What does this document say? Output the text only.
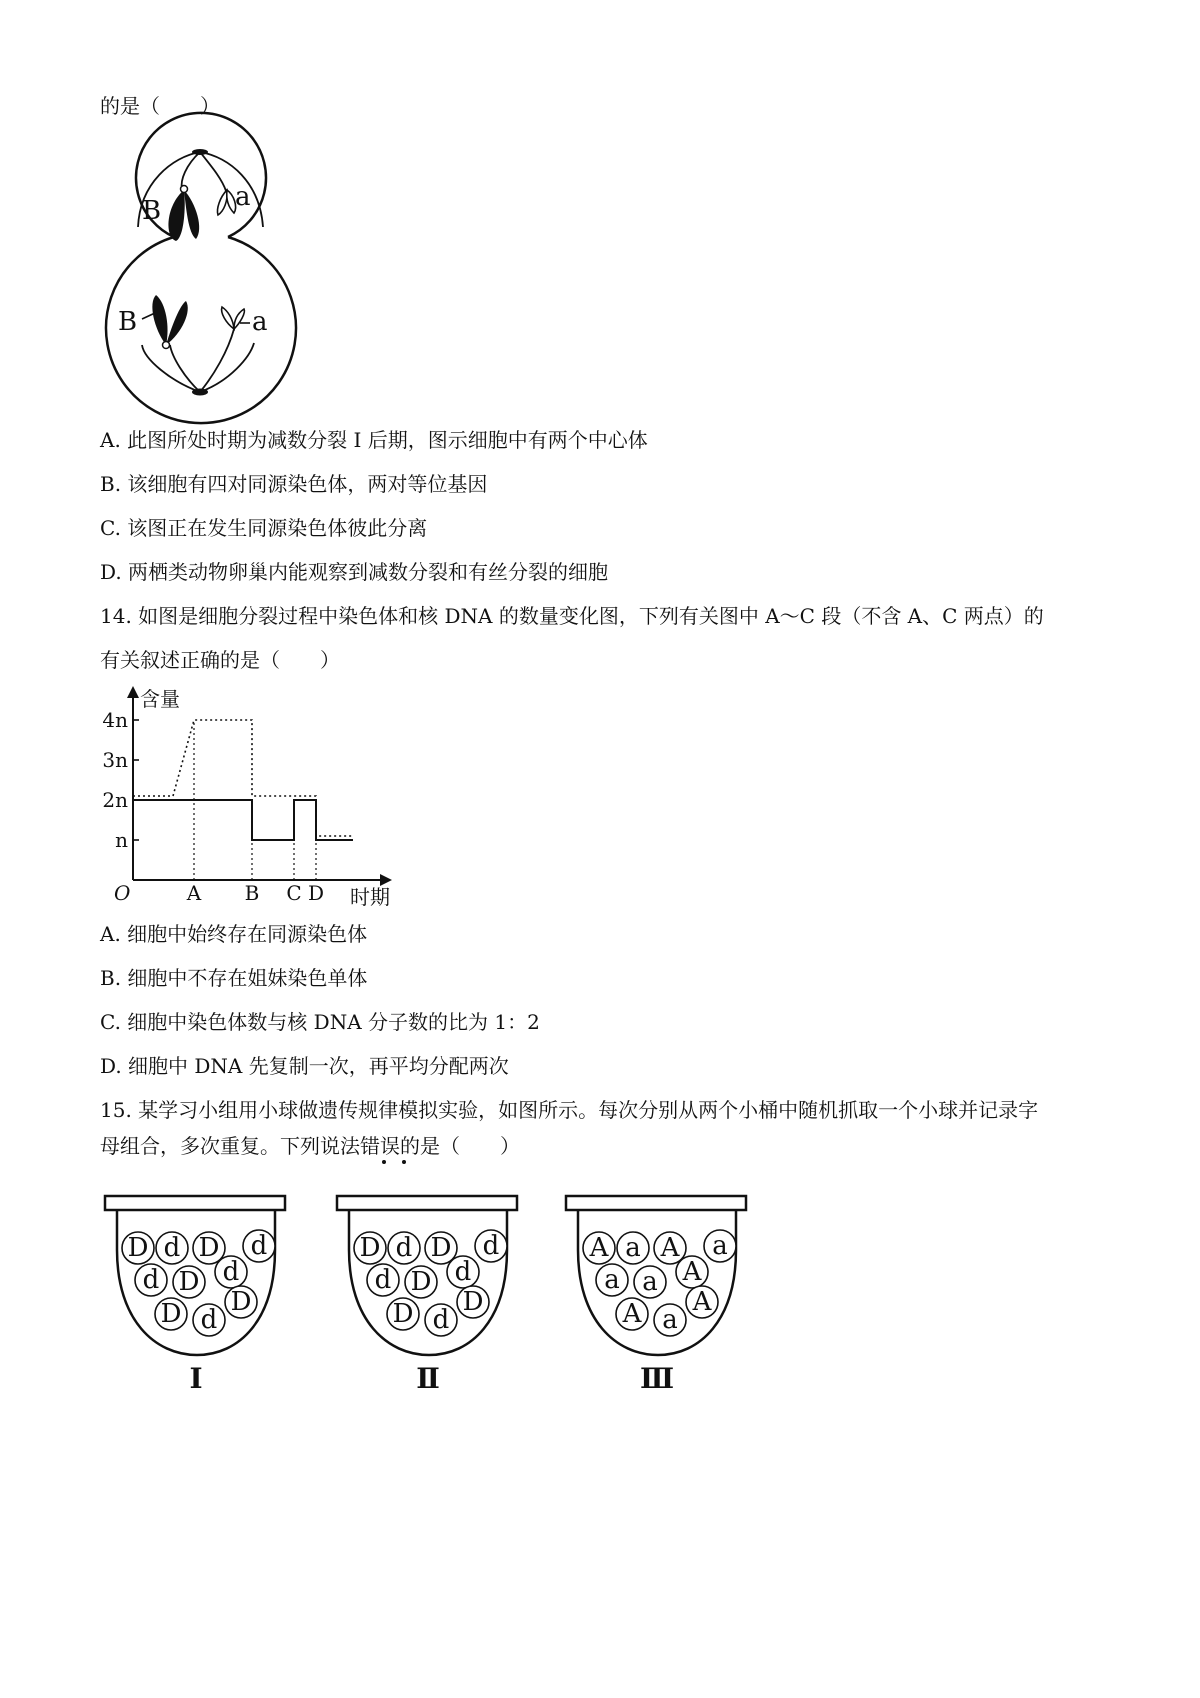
的是（　　）
B	a
B	a
A. 此图所处时期为减数分裂 I 后期，图示细胞中有两个中心体
B. 该细胞有四对同源染色体，两对等位基因
C. 该图正在发生同源染色体彼此分离
D. 两栖类动物卵巢内能观察到减数分裂和有丝分裂的细胞
14. 如图是细胞分裂过程中染色体和核 DNA 的数量变化图，下列有关图中 A～C 段（不含 A、C 两点）的
有关叙述正确的是（　　）
含量
时期
O
n
2n
3n
4n
A B C D
A. 细胞中始终存在同源染色体
B. 细胞中不存在姐妹染色单体
C. 细胞中染色体数与核 DNA 分子数的比为 1：2
D. 细胞中 DNA 先复制一次，再平均分配两次
15. 某学习小组用小球做遗传规律模拟实验，如图所示。每次分别从两个小桶中随机抓取一个小球并记录字
母组合，多次重复。下列说法错误的是（　　）
D d D d
d D d
D D
d
Ⅰ
D d D d
d D d
D D
d
Ⅱ
A a A a
a a A
A A
a
Ⅲ
